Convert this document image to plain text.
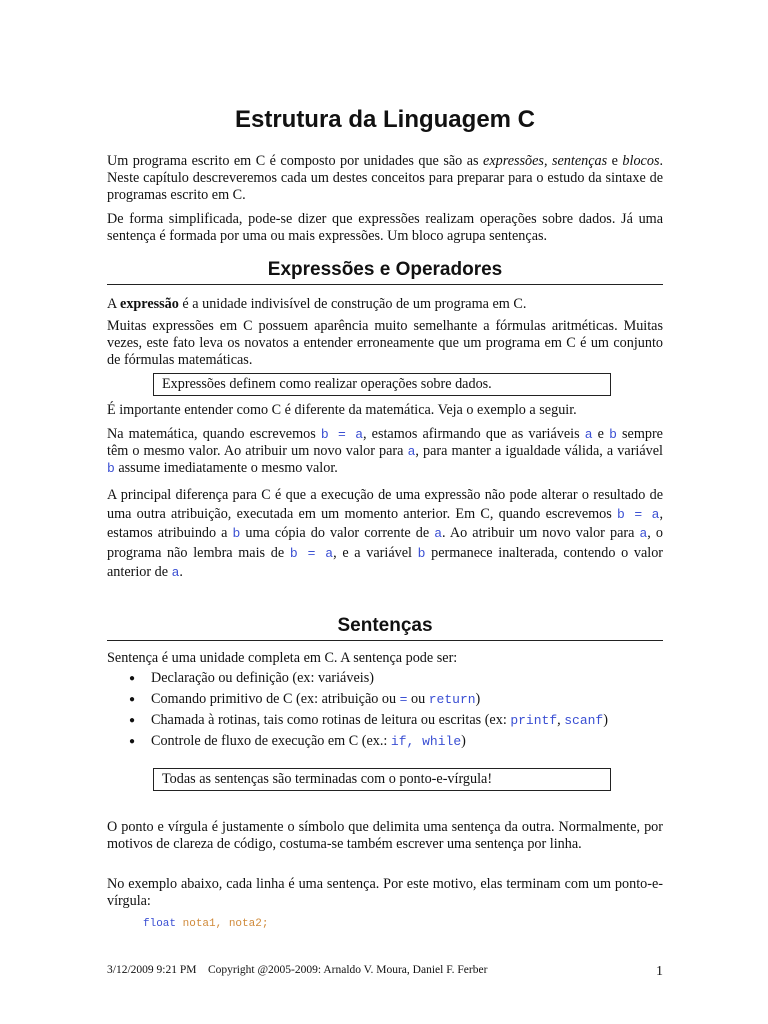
Estrutura da Linguagem C

Um programa escrito em C é composto por unidades que são as expressões, sentenças e blocos. Neste capítulo descreveremos cada um destes conceitos para preparar para o estudo da sintaxe de programas escrito em C.

De forma simplificada, pode-se dizer que expressões realizam operações sobre dados. Já uma sentença é formada por uma ou mais expressões. Um bloco agrupa sentenças.

Expressões e Operadores

A expressão é a unidade indivisível de construção de um programa em C.

Muitas expressões em C possuem aparência muito semelhante a fórmulas aritméticas. Muitas vezes, este fato leva os novatos a entender erroneamente que um programa em C é um conjunto de fórmulas matemáticas.

Expressões definem como realizar operações sobre dados.

É importante entender como C é diferente da matemática. Veja o exemplo a seguir.

Na matemática, quando escrevemos b = a, estamos afirmando que as variáveis a e b sempre têm o mesmo valor. Ao atribuir um novo valor para a, para manter a igualdade válida, a variável b assume imediatamente o mesmo valor.

A principal diferença para C é que a execução de uma expressão não pode alterar o resultado de uma outra atribuição, executada em um momento anterior. Em C, quando escrevemos b = a, estamos atribuindo a b uma cópia do valor corrente de a. Ao atribuir um novo valor para a, o programa não lembra mais de b = a, e a variável b permanece inalterada, contendo o valor anterior de a.

Sentenças

Sentença é uma unidade completa em C. A sentença pode ser:

● Declaração ou definição (ex: variáveis)
● Comando primitivo de C (ex: atribuição ou = ou return)
● Chamada à rotinas, tais como rotinas de leitura ou escritas (ex: printf, scanf)
● Controle de fluxo de execução em C (ex.: if, while)
Todas as sentenças são terminadas com o ponto-e-vírgula!

O ponto e vírgula é justamente o símbolo que delimita uma sentença da outra. Normalmente, por motivos de clareza de código, costuma-se também escrever uma sentença por linha.

No exemplo abaixo, cada linha é uma sentença. Por este motivo, elas terminam com um ponto-e-vírgula:

float nota1, nota2;
3/12/2009 9:21 PM    Copyright @2005-2009: Arnaldo V. Moura, Daniel F. Ferber	1
